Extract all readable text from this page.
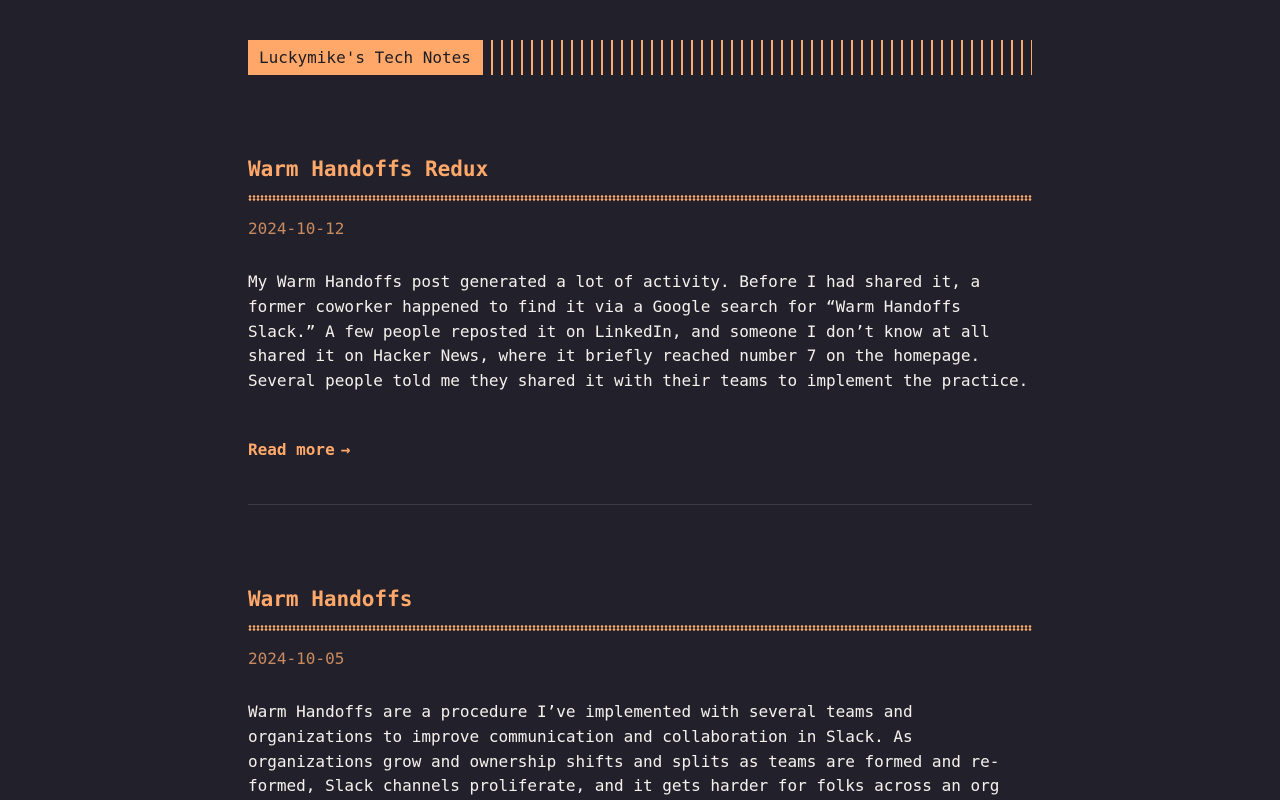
Luckymike's Tech Notes
Warm Handoffs Redux
2024-10-12

My Warm Handoffs post generated a lot of activity. Before I had shared it, a former coworker happened to find it via a Google search for “Warm Handoffs Slack.” A few people reposted it on LinkedIn, and someone I don’t know at all shared it on Hacker News, where it briefly reached number 7 on the homepage. Several people told me they shared it with their teams to implement the practice.

Read more →
Warm Handoffs
2024-10-05

Warm Handoffs are a procedure I’ve implemented with several teams and organizations to improve communication and collaboration in Slack. As organizations grow and ownership shifts and splits as teams are formed and re-formed, Slack channels proliferate, and it gets harder for folks across an org
